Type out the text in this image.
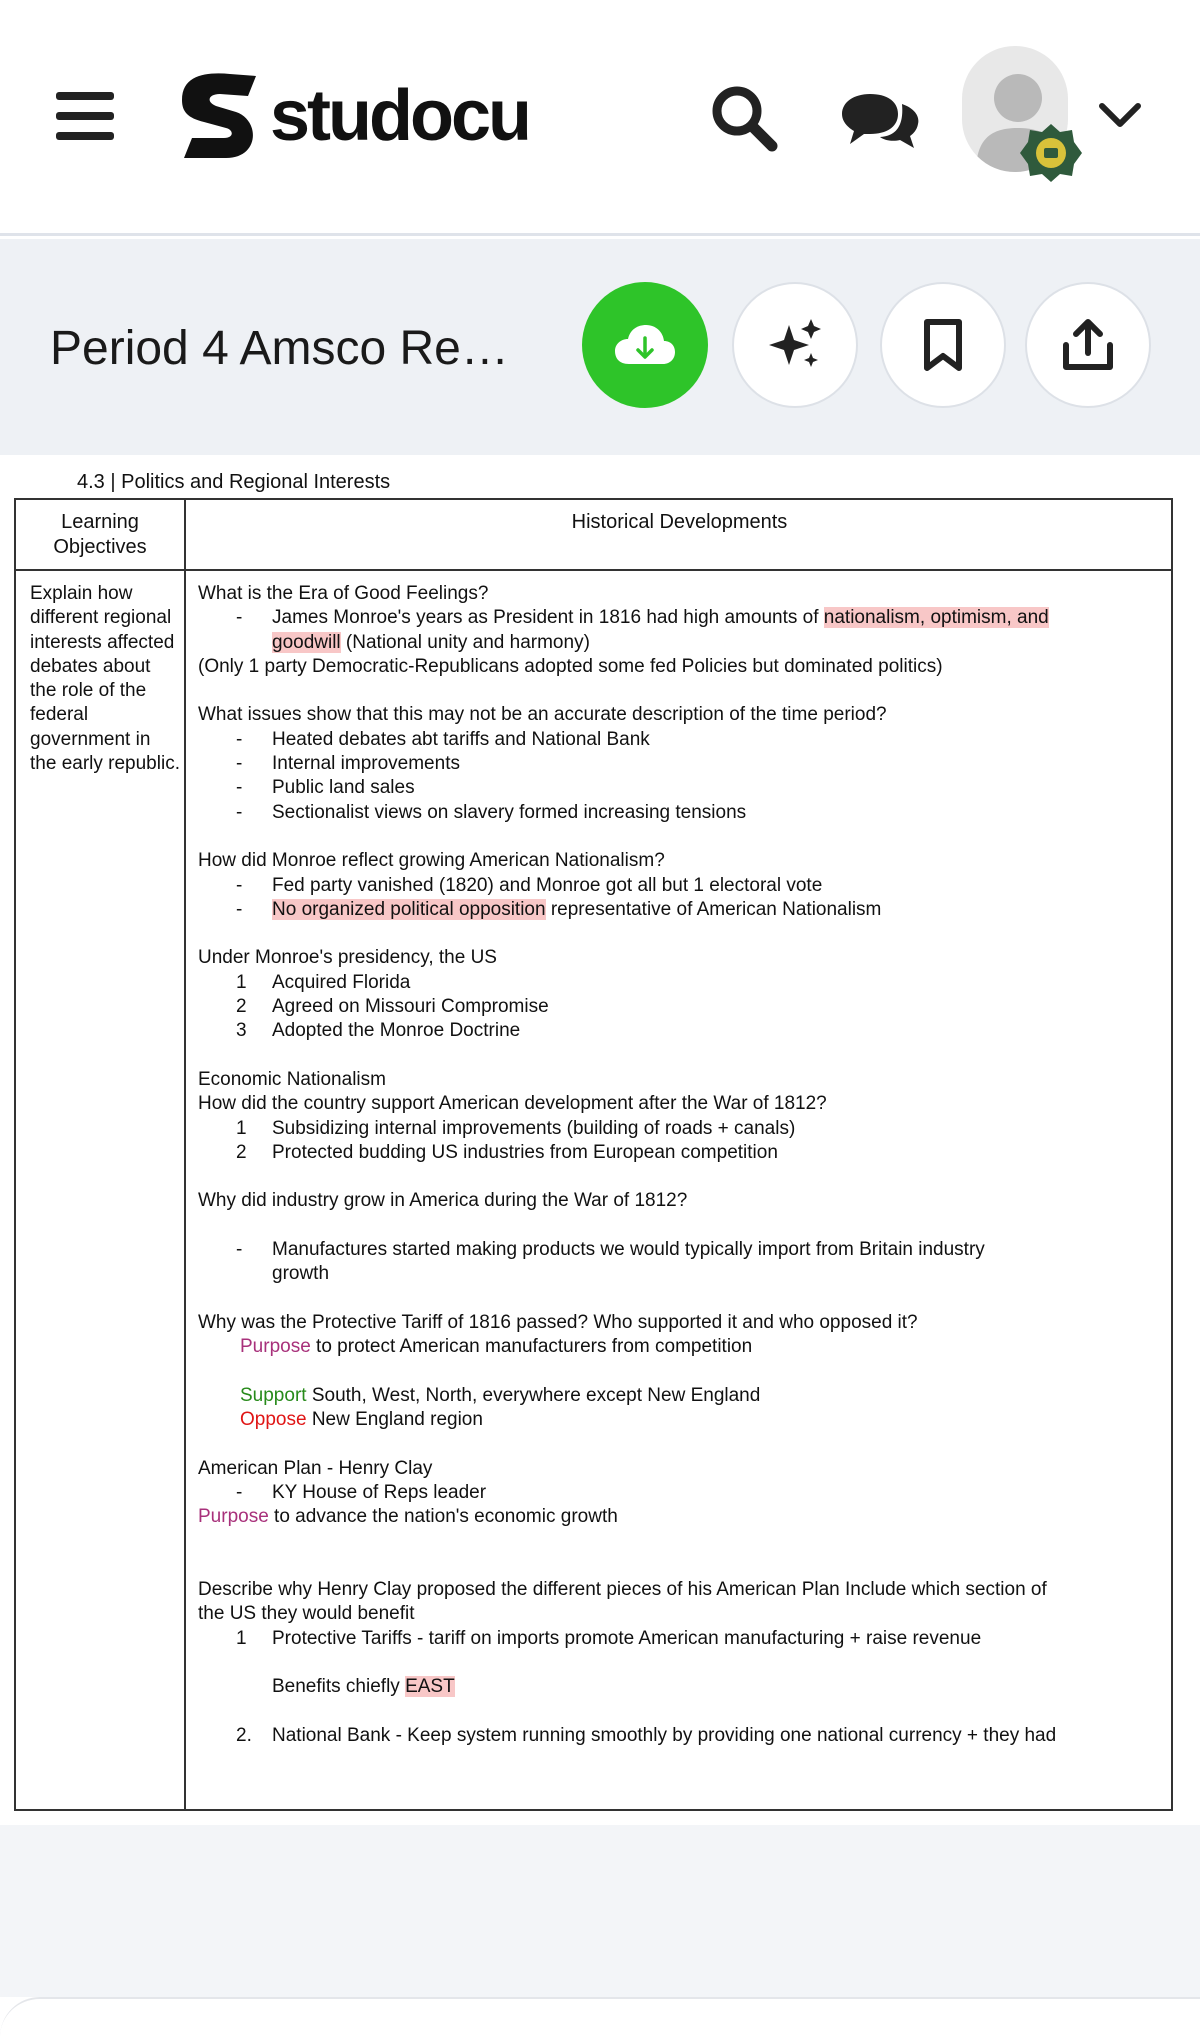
studocu
Period 4 Amsco Re…
4.3 | Politics and Regional Interests
Learning Objectives
Historical Developments
Explain how different regional interests affected debates about the role of the federal government in the early republic.
What is the Era of Good Feelings?
- James Monroe's years as President in 1816 had high amounts of nationalism, optimism, and
goodwill (National unity and harmony)
(Only 1 party Democratic-Republicans adopted some fed Policies but dominated politics)
What issues show that this may not be an accurate description of the time period?
- Heated debates abt tariffs and National Bank
- Internal improvements
- Public land sales
- Sectionalist views on slavery formed increasing tensions
How did Monroe reflect growing American Nationalism?
- Fed party vanished (1820) and Monroe got all but 1 electoral vote
- No organized political opposition representative of American Nationalism
Under Monroe's presidency, the US
1 Acquired Florida
2 Agreed on Missouri Compromise
3 Adopted the Monroe Doctrine
Economic Nationalism
How did the country support American development after the War of 1812?
1 Subsidizing internal improvements (building of roads + canals)
2 Protected budding US industries from European competition
Why did industry grow in America during the War of 1812?
- Manufactures started making products we would typically import from Britain industry
growth
Why was the Protective Tariff of 1816 passed? Who supported it and who opposed it?
Purpose to protect American manufacturers from competition
Support South, West, North, everywhere except New England
Oppose New England region
American Plan - Henry Clay
- KY House of Reps leader
Purpose to advance the nation's economic growth
Describe why Henry Clay proposed the different pieces of his American Plan Include which section of
the US they would benefit
1 Protective Tariffs - tariff on imports promote American manufacturing + raise revenue
Benefits chiefly EAST
2. National Bank - Keep system running smoothly by providing one national currency + they had
